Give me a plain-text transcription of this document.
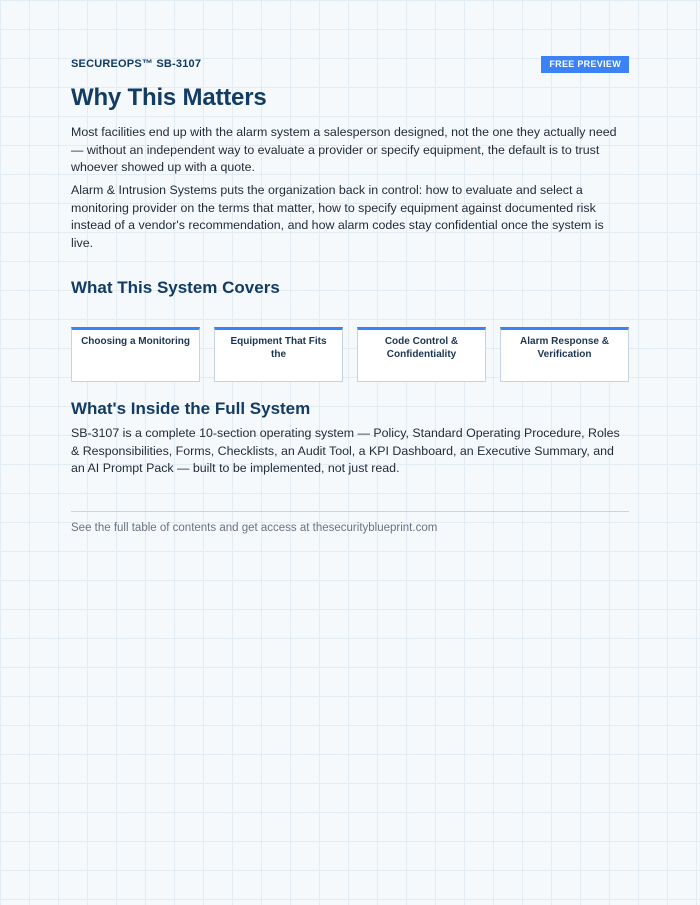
SECUREOPS™ SB-3107	FREE PREVIEW
Why This Matters

Most facilities end up with the alarm system a salesperson designed, not the one they actually need — without an independent way to evaluate a provider or specify equipment, the default is to trust whoever showed up with a quote.

Alarm & Intrusion Systems puts the organization back in control: how to evaluate and select a monitoring provider on the terms that matter, how to specify equipment against documented risk instead of a vendor's recommendation, and how alarm codes stay confidential once the system is live.

What This System Covers
Choosing a Monitoring	Equipment That Fits the
Code Control & Confidentiality
Alarm Response & Verification
What's Inside the Full System

SB-3107 is a complete 10-section operating system — Policy, Standard Operating Procedure, Roles & Responsibilities, Forms, Checklists, an Audit Tool, a KPI Dashboard, an Executive Summary, and an AI Prompt Pack — built to be implemented, not just read.

See the full table of contents and get access at thesecurityblueprint.com
